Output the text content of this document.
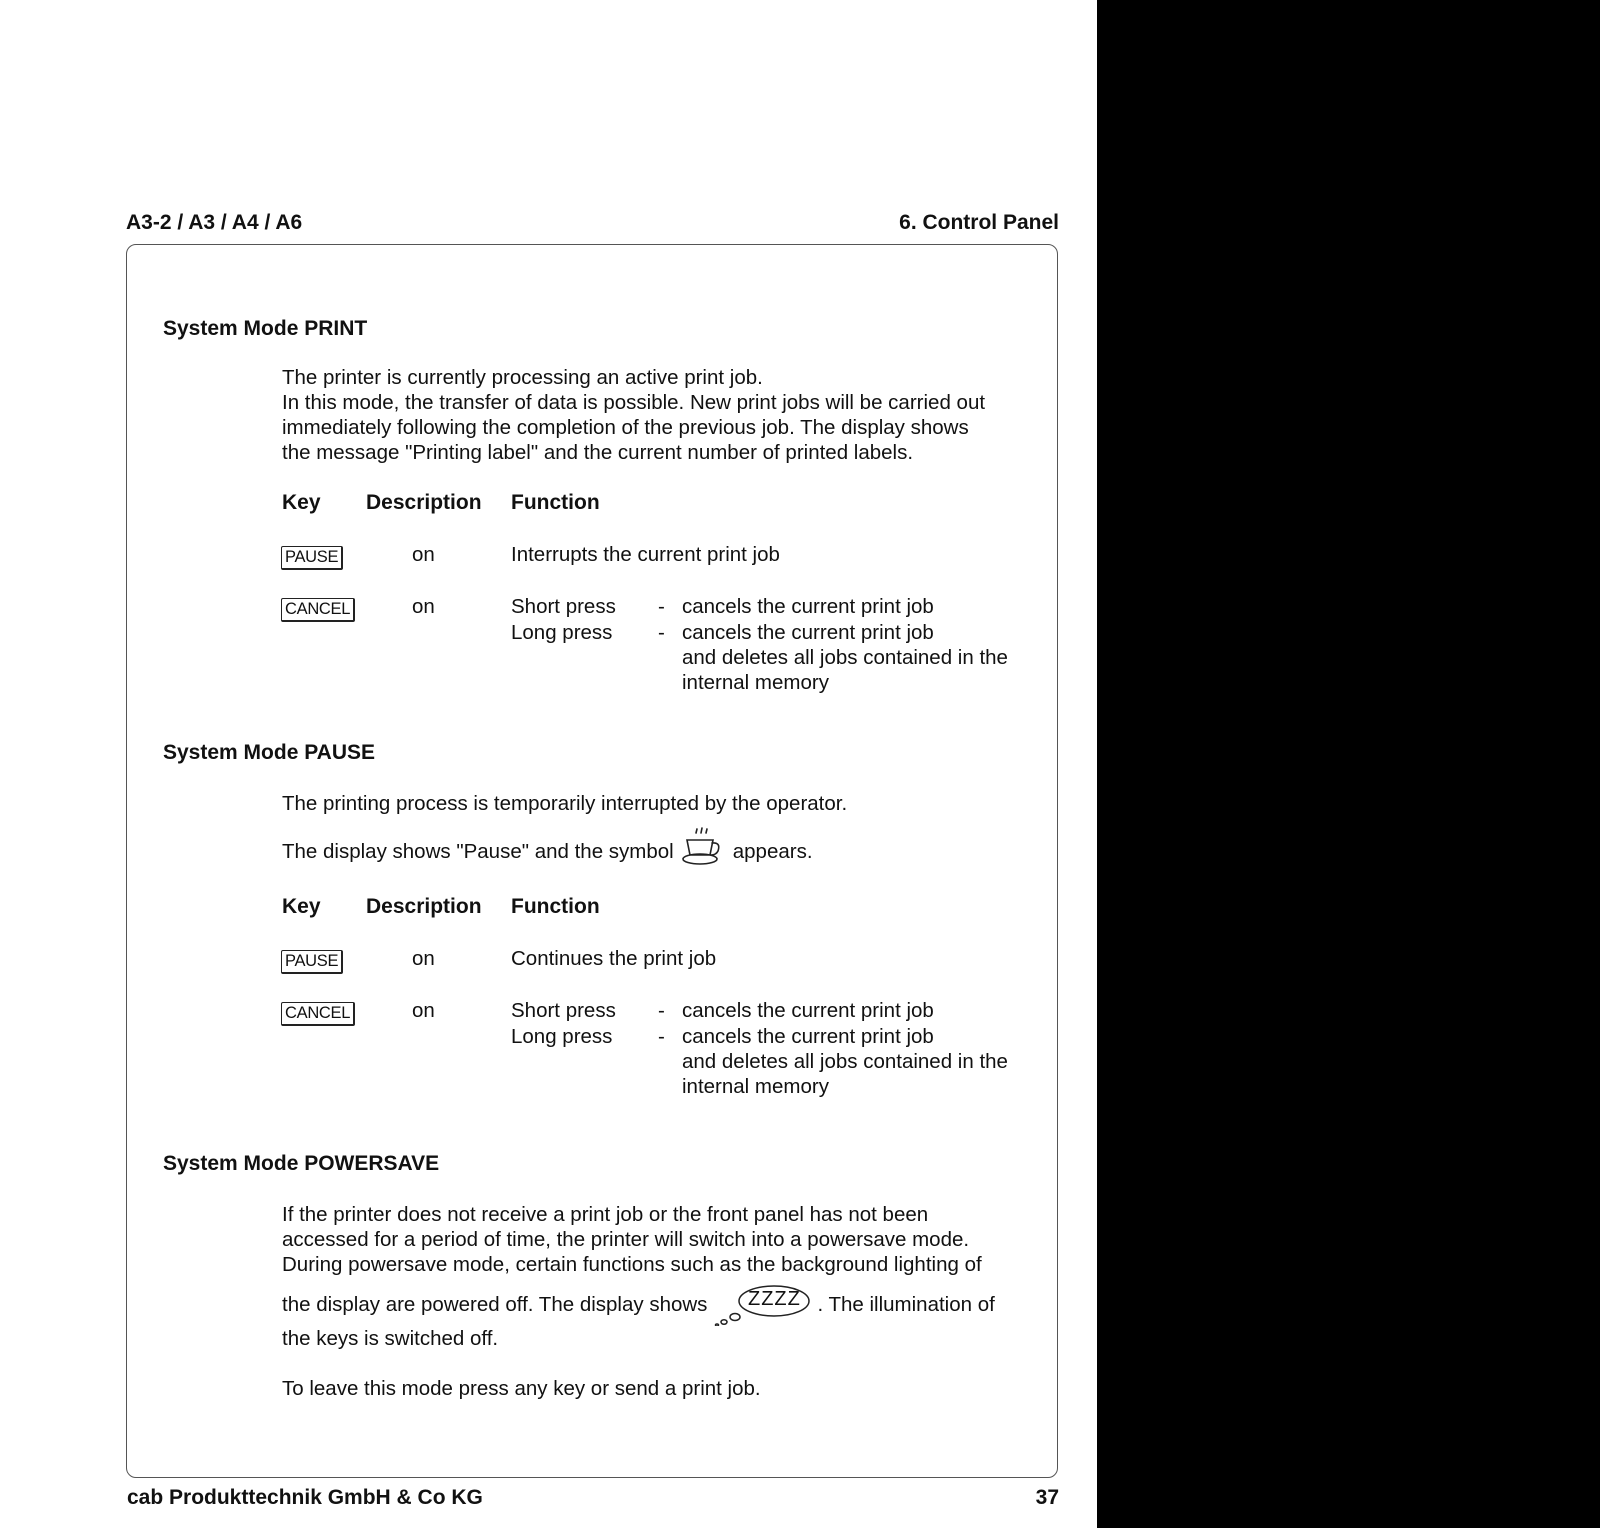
A3-2 / A3 / A4 / A6	6. Control Panel
System Mode PRINT
The printer is currently processing an active print job.
In this mode, the transfer of data is possible. New print jobs will be carried out
immediately following the completion of the previous job. The display shows
the message "Printing label" and the current number of printed labels.
Key Description Function
PAUSE	on	Interrupts the current print job
CANCEL	on	Short press - cancels the current print job
Long press - cancels the current print job
and deletes all jobs contained in the
internal memory
System Mode PAUSE
The printing process is temporarily interrupted by the operator.
The display shows "Pause" and the symbol	appears.
Key Description Function
PAUSE	on	Continues the print job
CANCEL	on	Short press - cancels the current print job
Long press - cancels the current print job
and deletes all jobs contained in the
internal memory
System Mode POWERSAVE
If the printer does not receive a print job or the front panel has not been
accessed for a period of time, the printer will switch into a powersave mode.
During powersave mode, certain functions such as the background lighting of
the display are powered off. The display shows ZZZZ . The illumination of
the keys is switched off.
To leave this mode press any key or send a print job.
cab Produkttechnik GmbH & Co KG	37
